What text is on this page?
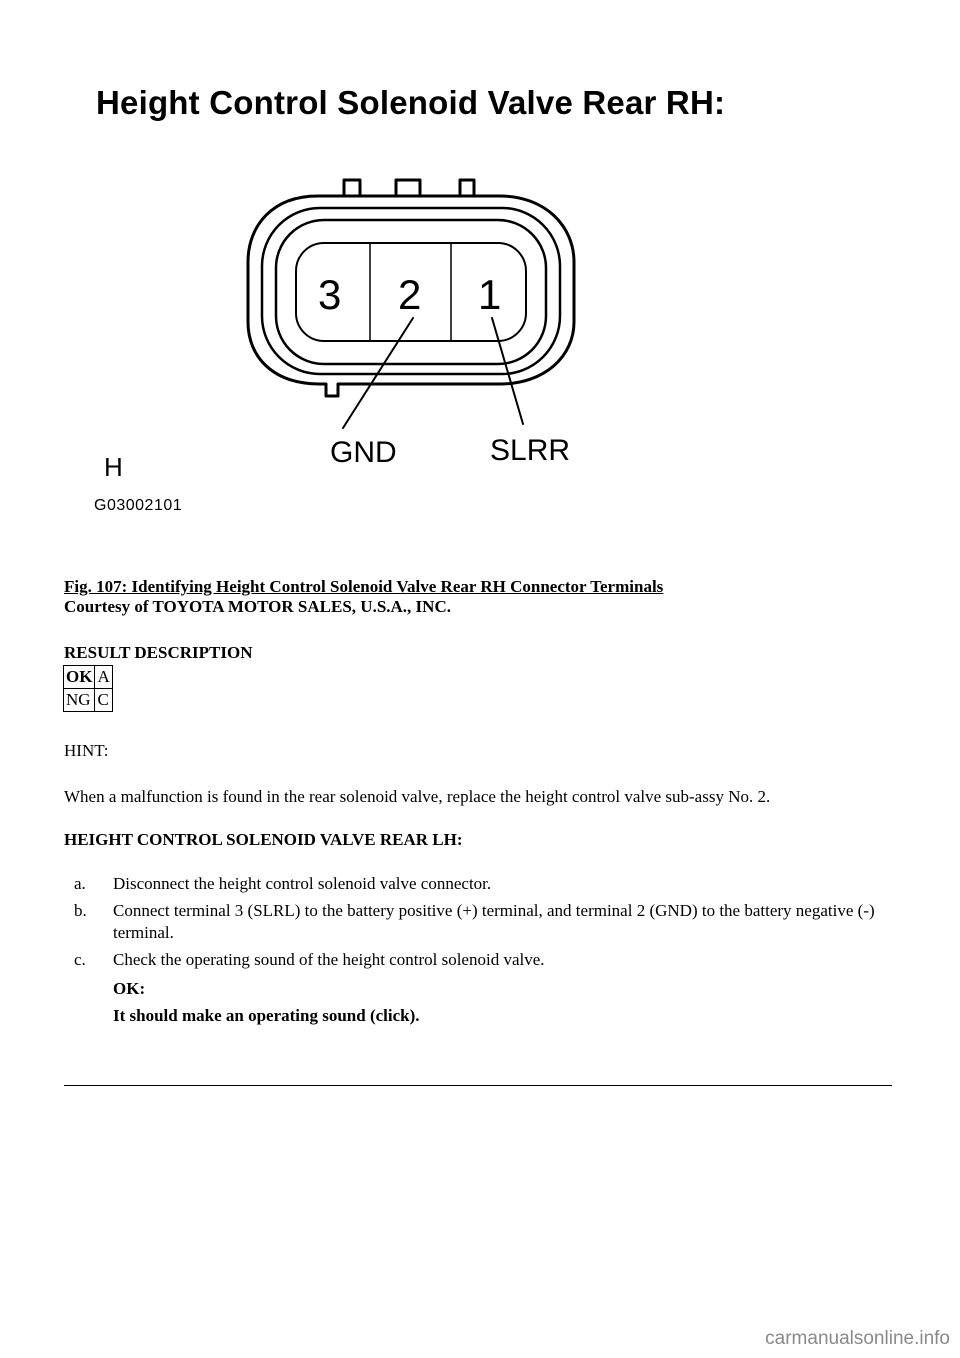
Height Control Solenoid Valve Rear RH:
3 2 1
GND	SLRR
H
G03002101
Fig. 107: Identifying Height Control Solenoid Valve Rear RH Connector Terminals
Courtesy of TOYOTA MOTOR SALES, U.S.A., INC.
RESULT DESCRIPTION
OK	A
NG	C
HINT:
When a malfunction is found in the rear solenoid valve, replace the height control valve sub-assy No. 2.
HEIGHT CONTROL SOLENOID VALVE REAR LH:
a. Disconnect the height control solenoid valve connector.
b. Connect terminal 3 (SLRL) to the battery positive (+) terminal, and terminal 2 (GND) to the battery negative (-) terminal.
c. Check the operating sound of the height control solenoid valve.
OK:
It should make an operating sound (click).
carmanualsonline.info
